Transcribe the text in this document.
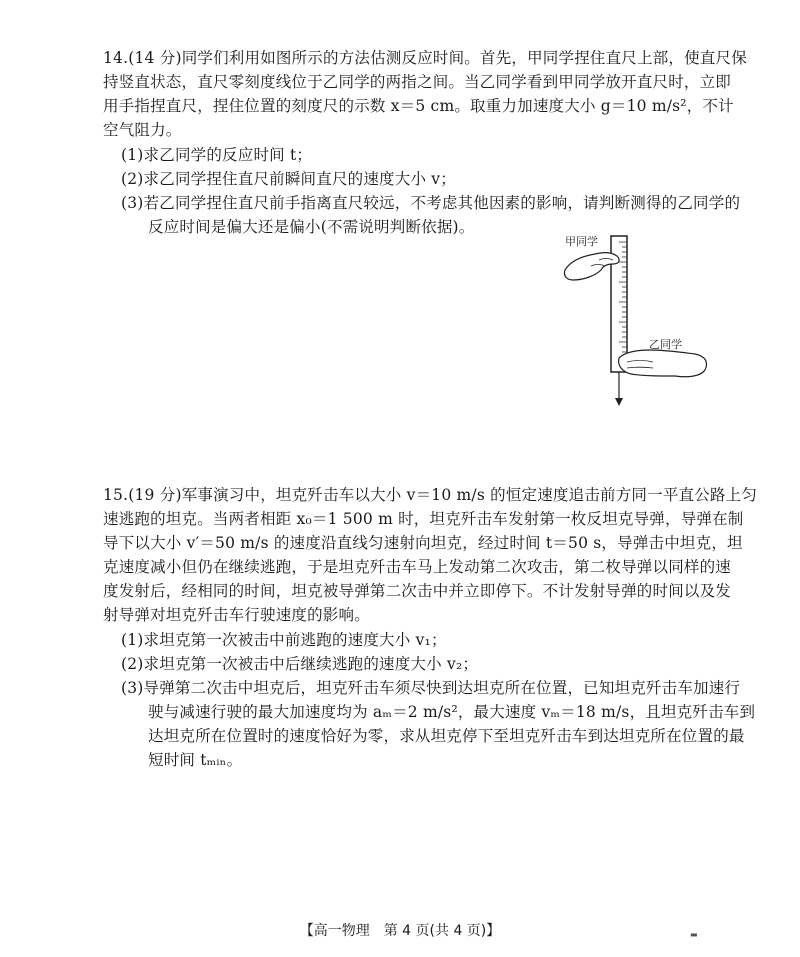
14.(14 分)同学们利用如图所示的方法估测反应时间。首先，甲同学捏住直尺上部，使直尺保
持竖直状态，直尺零刻度线位于乙同学的两指之间。当乙同学看到甲同学放开直尺时，立即
用手指捏直尺，捏住位置的刻度尺的示数 x＝5 cm。取重力加速度大小 g＝10 m/s²，不计
空气阻力。
(1)求乙同学的反应时间 t；
(2)求乙同学捏住直尺前瞬间直尺的速度大小 v；
(3)若乙同学捏住直尺前手指离直尺较远，不考虑其他因素的影响，请判断测得的乙同学的
反应时间是偏大还是偏小(不需说明判断依据)。
甲同学
乙同学
15.(19 分)军事演习中，坦克歼击车以大小 v＝10 m/s 的恒定速度追击前方同一平直公路上匀
速逃跑的坦克。当两者相距 x₀＝1 500 m 时，坦克歼击车发射第一枚反坦克导弹，导弹在制
导下以大小 v′＝50 m/s 的速度沿直线匀速射向坦克，经过时间 t＝50 s，导弹击中坦克，坦
克速度减小但仍在继续逃跑，于是坦克歼击车马上发动第二次攻击，第二枚导弹以同样的速
度发射后，经相同的时间，坦克被导弹第二次击中并立即停下。不计发射导弹的时间以及发
射导弹对坦克歼击车行驶速度的影响。
(1)求坦克第一次被击中前逃跑的速度大小 v₁；
(2)求坦克第一次被击中后继续逃跑的速度大小 v₂；
(3)导弹第二次击中坦克后，坦克歼击车须尽快到达坦克所在位置，已知坦克歼击车加速行
驶与减速行驶的最大加速度均为 aₘ＝2 m/s²，最大速度 vₘ＝18 m/s，且坦克歼击车到
达坦克所在位置时的速度恰好为零，求从坦克停下至坦克歼击车到达坦克所在位置的最
短时间 tₘᵢₙ。
【高一物理　第 4 页(共 4 页)】	▬
